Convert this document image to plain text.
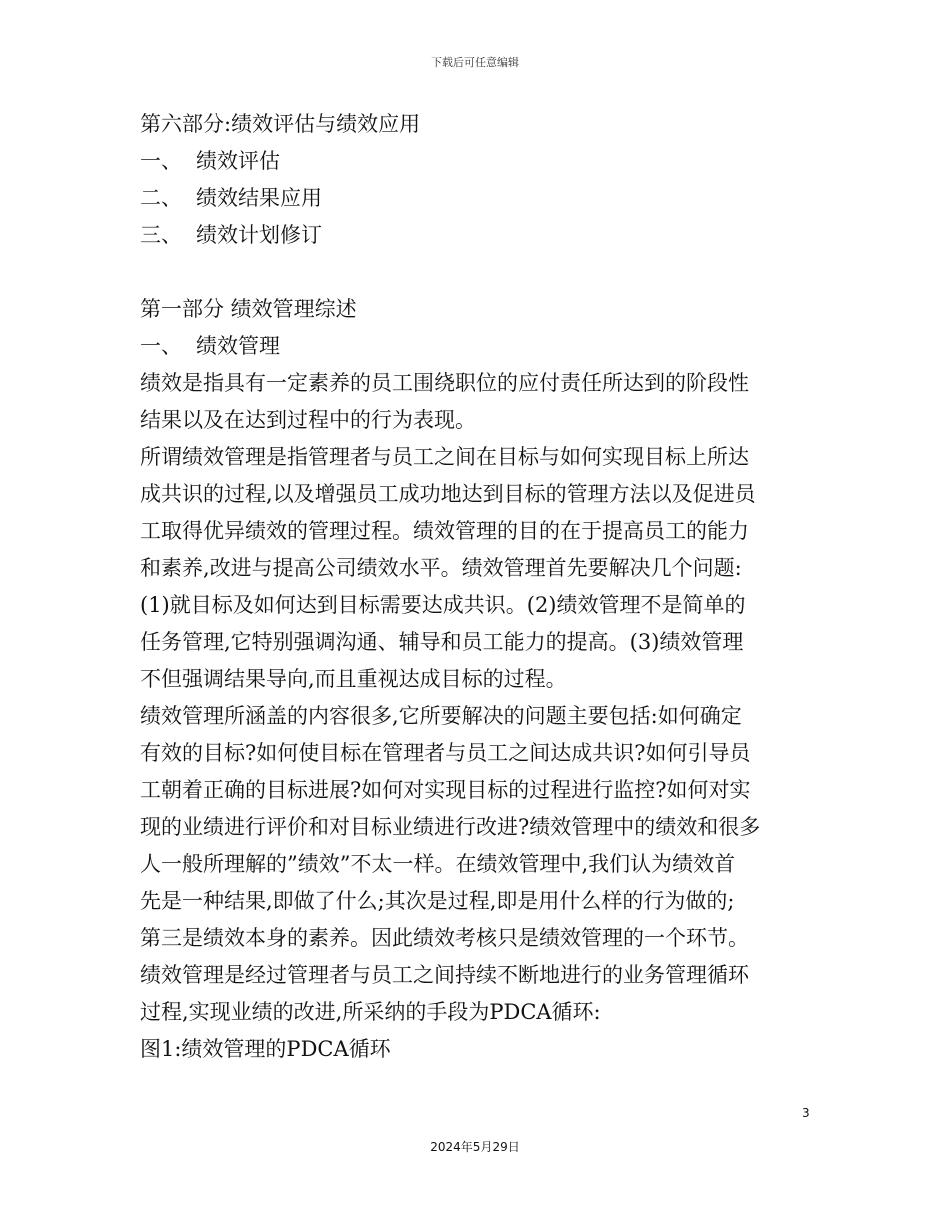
下载后可任意编辑
第六部分:绩效评估与绩效应用
一、 绩效评估
二、 绩效结果应用
三、 绩效计划修订
第一部分 绩效管理综述
一、 绩效管理
绩效是指具有一定素养的员工围绕职位的应付责任所达到的阶段性
结果以及在达到过程中的行为表现。
所谓绩效管理是指管理者与员工之间在目标与如何实现目标上所达
成共识的过程,以及增强员工成功地达到目标的管理方法以及促进员
工取得优异绩效的管理过程。绩效管理的目的在于提高员工的能力
和素养,改进与提高公司绩效水平。绩效管理首先要解决几个问题:
(1)就目标及如何达到目标需要达成共识。(2)绩效管理不是简单的
任务管理,它特别强调沟通、辅导和员工能力的提高。(3)绩效管理
不但强调结果导向,而且重视达成目标的过程。
绩效管理所涵盖的内容很多,它所要解决的问题主要包括:如何确定
有效的目标?如何使目标在管理者与员工之间达成共识?如何引导员
工朝着正确的目标进展?如何对实现目标的过程进行监控?如何对实
现的业绩进行评价和对目标业绩进行改进?绩效管理中的绩效和很多
人一般所理解的”绩效”不太一样。在绩效管理中,我们认为绩效首
先是一种结果,即做了什么;其次是过程,即是用什么样的行为做的;
第三是绩效本身的素养。因此绩效考核只是绩效管理的一个环节。
绩效管理是经过管理者与员工之间持续不断地进行的业务管理循环
过程,实现业绩的改进,所采纳的手段为PDCA循环:
图1:绩效管理的PDCA循环
3
2024年5月29日
